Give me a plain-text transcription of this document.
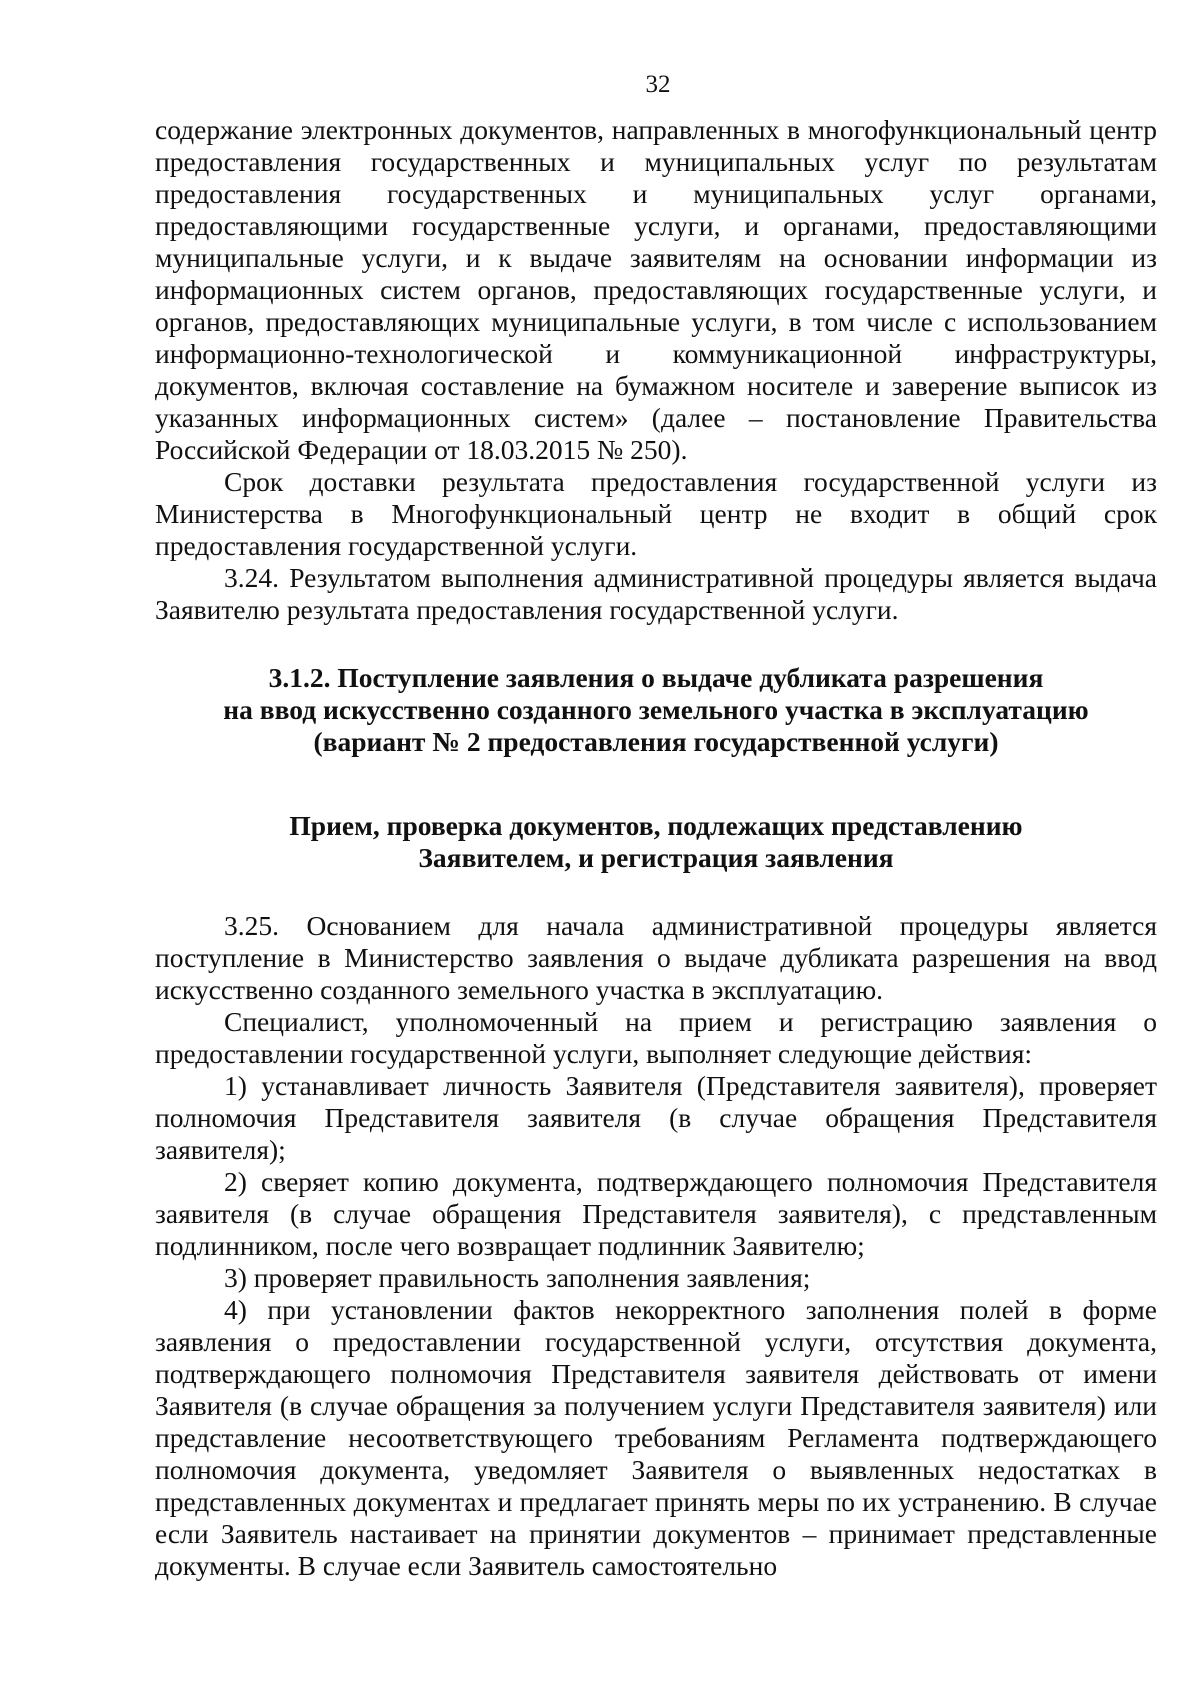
32

содержание электронных документов, направленных в многофункциональный центр предоставления государственных и муниципальных услуг по результатам предоставления государственных и муниципальных услуг органами, предоставляющими государственные услуги, и органами, предоставляющими муниципальные услуги, и к выдаче заявителям на основании информации из информационных систем органов, предоставляющих государственные услуги, и органов, предоставляющих муниципальные услуги, в том числе с использованием информационно-технологической и коммуникационной инфраструктуры, документов, включая составление на бумажном носителе и заверение выписок из указанных информационных систем» (далее – постановление Правительства Российской Федерации от 18.03.2015 № 250).

Срок доставки результата предоставления государственной услуги из Министерства в Многофункциональный центр не входит в общий срок предоставления государственной услуги.

3.24. Результатом выполнения административной процедуры является выдача Заявителю результата предоставления государственной услуги.

3.1.2. Поступление заявления о выдаче дубликата разрешения

на ввод искусственно созданного земельного участка в эксплуатацию

(вариант № 2 предоставления государственной услуги)

Прием, проверка документов, подлежащих представлению

Заявителем, и регистрация заявления

3.25. Основанием для начала административной процедуры является поступление в Министерство заявления о выдаче дубликата разрешения на ввод искусственно созданного земельного участка в эксплуатацию.

Специалист, уполномоченный на прием и регистрацию заявления о предоставлении государственной услуги, выполняет следующие действия:

1) устанавливает личность Заявителя (Представителя заявителя), проверяет полномочия Представителя заявителя (в случае обращения Представителя заявителя);

2) сверяет копию документа, подтверждающего полномочия Представителя заявителя (в случае обращения Представителя заявителя), с представленным подлинником, после чего возвращает подлинник Заявителю;

3) проверяет правильность заполнения заявления;

4) при установлении фактов некорректного заполнения полей в форме заявления о предоставлении государственной услуги, отсутствия документа, подтверждающего полномочия Представителя заявителя действовать от имени Заявителя (в случае обращения за получением услуги Представителя заявителя) или представление несоответствующего требованиям Регламента подтверждающего полномочия документа, уведомляет Заявителя о выявленных недостатках в представленных документах и предлагает принять меры по их устранению. В случае если Заявитель настаивает на принятии документов – принимает представленные документы. В случае если Заявитель самостоятельно
